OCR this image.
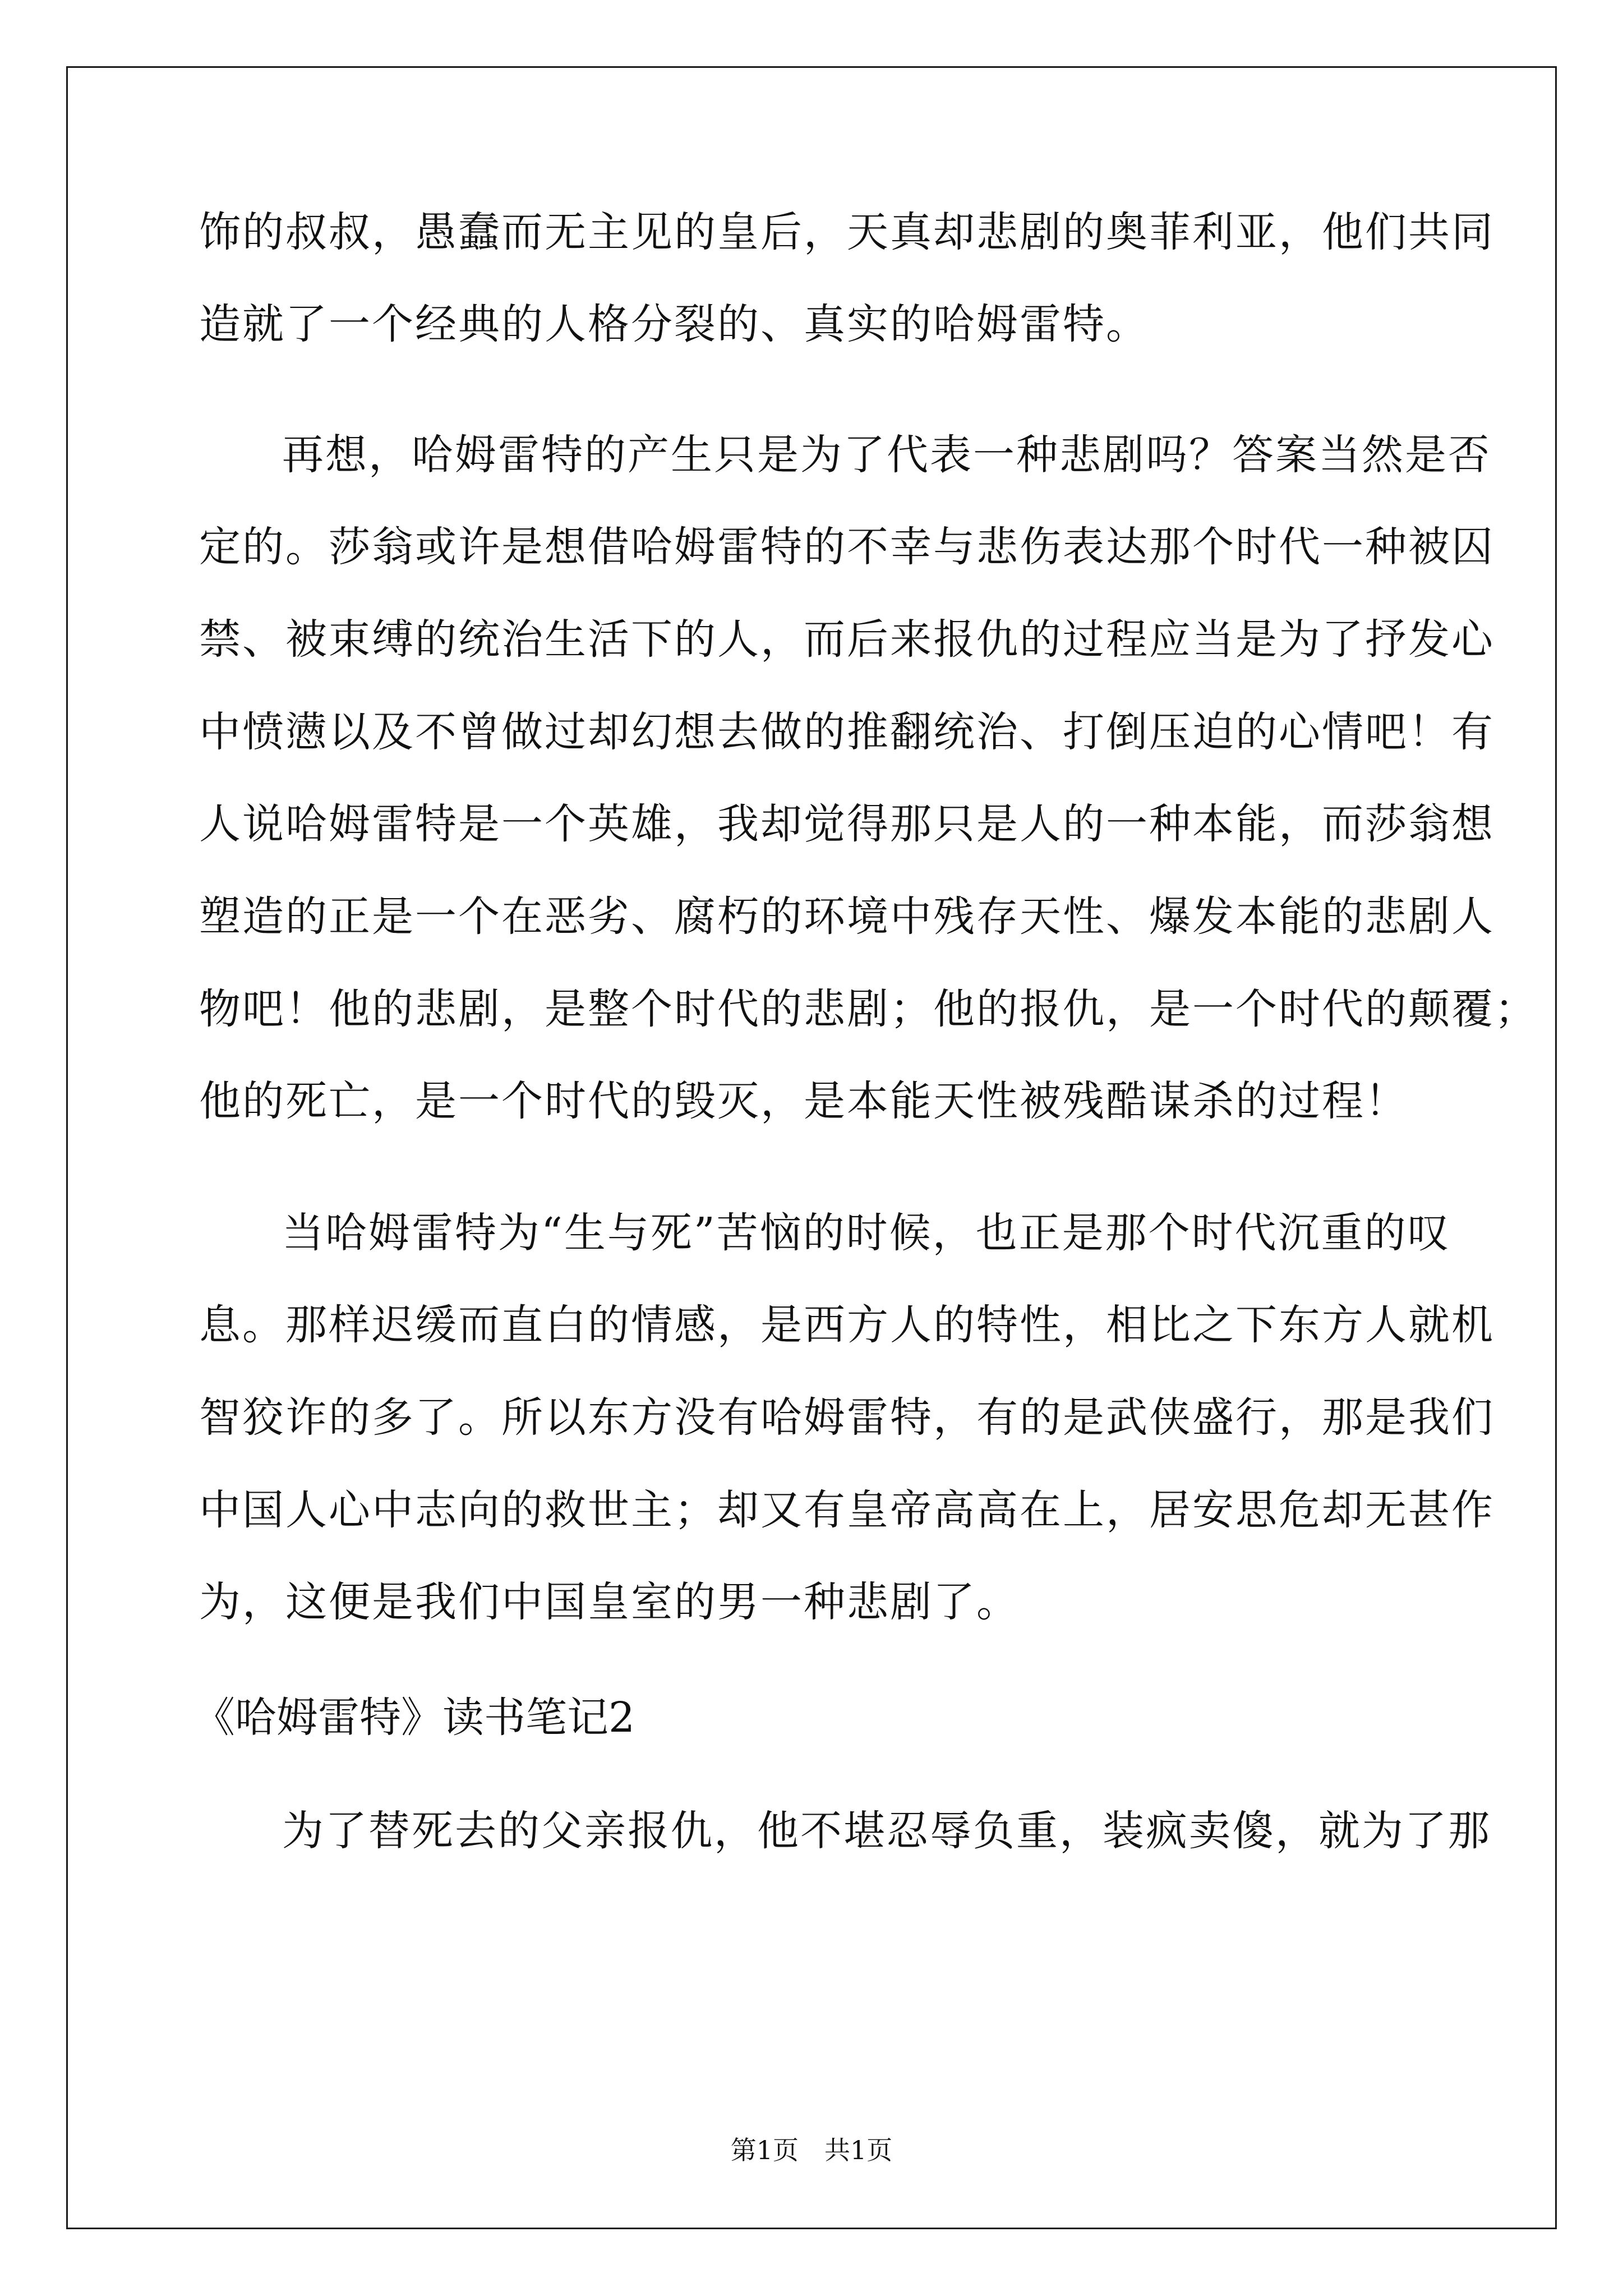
饰的叔叔，愚蠢而无主见的皇后，天真却悲剧的奥菲利亚，他们共同
造就了一个经典的人格分裂的、真实的哈姆雷特。
再想，哈姆雷特的产生只是为了代表一种悲剧吗？答案当然是否
定的。莎翁或许是想借哈姆雷特的不幸与悲伤表达那个时代一种被囚
禁、被束缚的统治生活下的人，而后来报仇的过程应当是为了抒发心
中愤懑以及不曾做过却幻想去做的推翻统治、打倒压迫的心情吧！有
人说哈姆雷特是一个英雄，我却觉得那只是人的一种本能，而莎翁想
塑造的正是一个在恶劣、腐朽的环境中残存天性、爆发本能的悲剧人
物吧！他的悲剧，是整个时代的悲剧；他的报仇，是一个时代的颠覆；
他的死亡，是一个时代的毁灭，是本能天性被残酷谋杀的过程！
当哈姆雷特为“生与死”苦恼的时候，也正是那个时代沉重的叹
息。那样迟缓而直白的情感，是西方人的特性，相比之下东方人就机
智狡诈的多了。所以东方没有哈姆雷特，有的是武侠盛行，那是我们
中国人心中志向的救世主；却又有皇帝高高在上，居安思危却无甚作
为，这便是我们中国皇室的男一种悲剧了。
《哈姆雷特》读书笔记2
为了替死去的父亲报仇，他不堪忍辱负重，装疯卖傻，就为了那
第1页　共1页
